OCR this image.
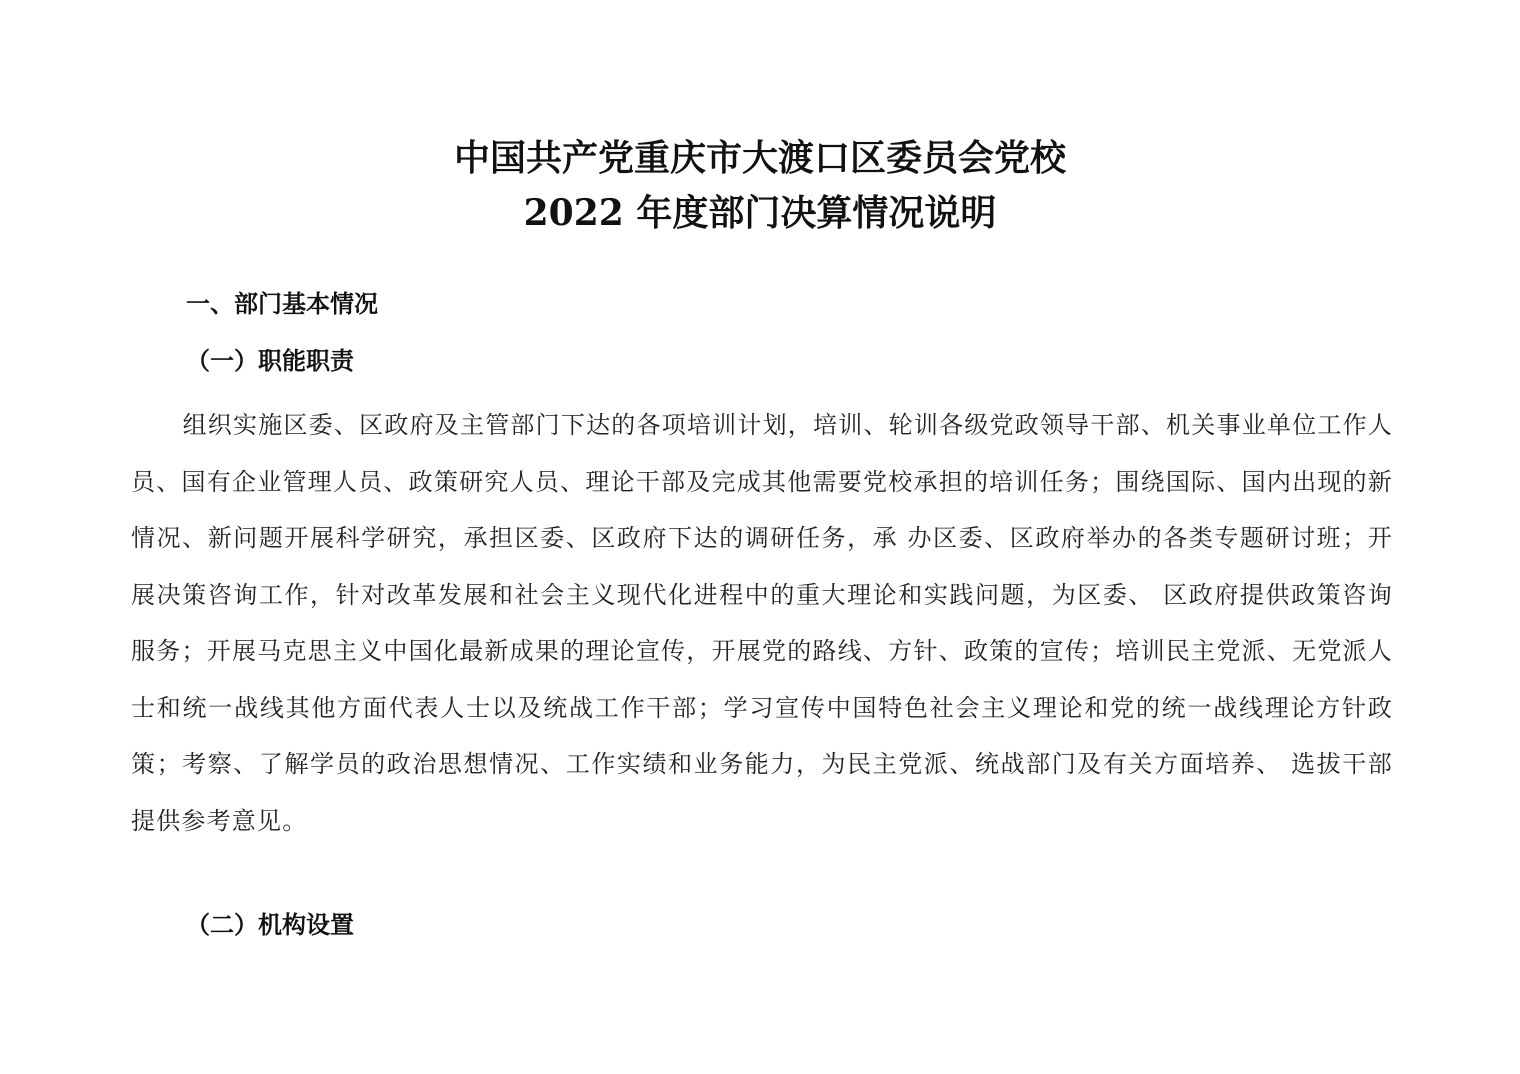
中国共产党重庆市大渡口区委员会党校
2022 年度部门决算情况说明
一、部门基本情况
（一）职能职责
组织实施区委、区政府及主管部门下达的各项培训计划，培训、轮训各级党政领导干部、机关事业单位工作人员、国有企业管理人员、政策研究人员、理论干部及完成其他需要党校承担的培训任务；围绕国际、国内出现的新情况、新问题开展科学研究，承担区委、区政府下达的调研任务，承 办区委、区政府举办的各类专题研讨班；开展决策咨询工作，针对改革发展和社会主义现代化进程中的重大理论和实践问题，为区委、 区政府提供政策咨询服务；开展马克思主义中国化最新成果的理论宣传，开展党的路线、方针、政策的宣传；培训民主党派、无党派人士和统一战线其他方面代表人士以及统战工作干部；学习宣传中国特色社会主义理论和党的统一战线理论方针政策；考察、了解学员的政治思想情况、工作实绩和业务能力，为民主党派、统战部门及有关方面培养、 选拔干部提供参考意见。
（二）机构设置
